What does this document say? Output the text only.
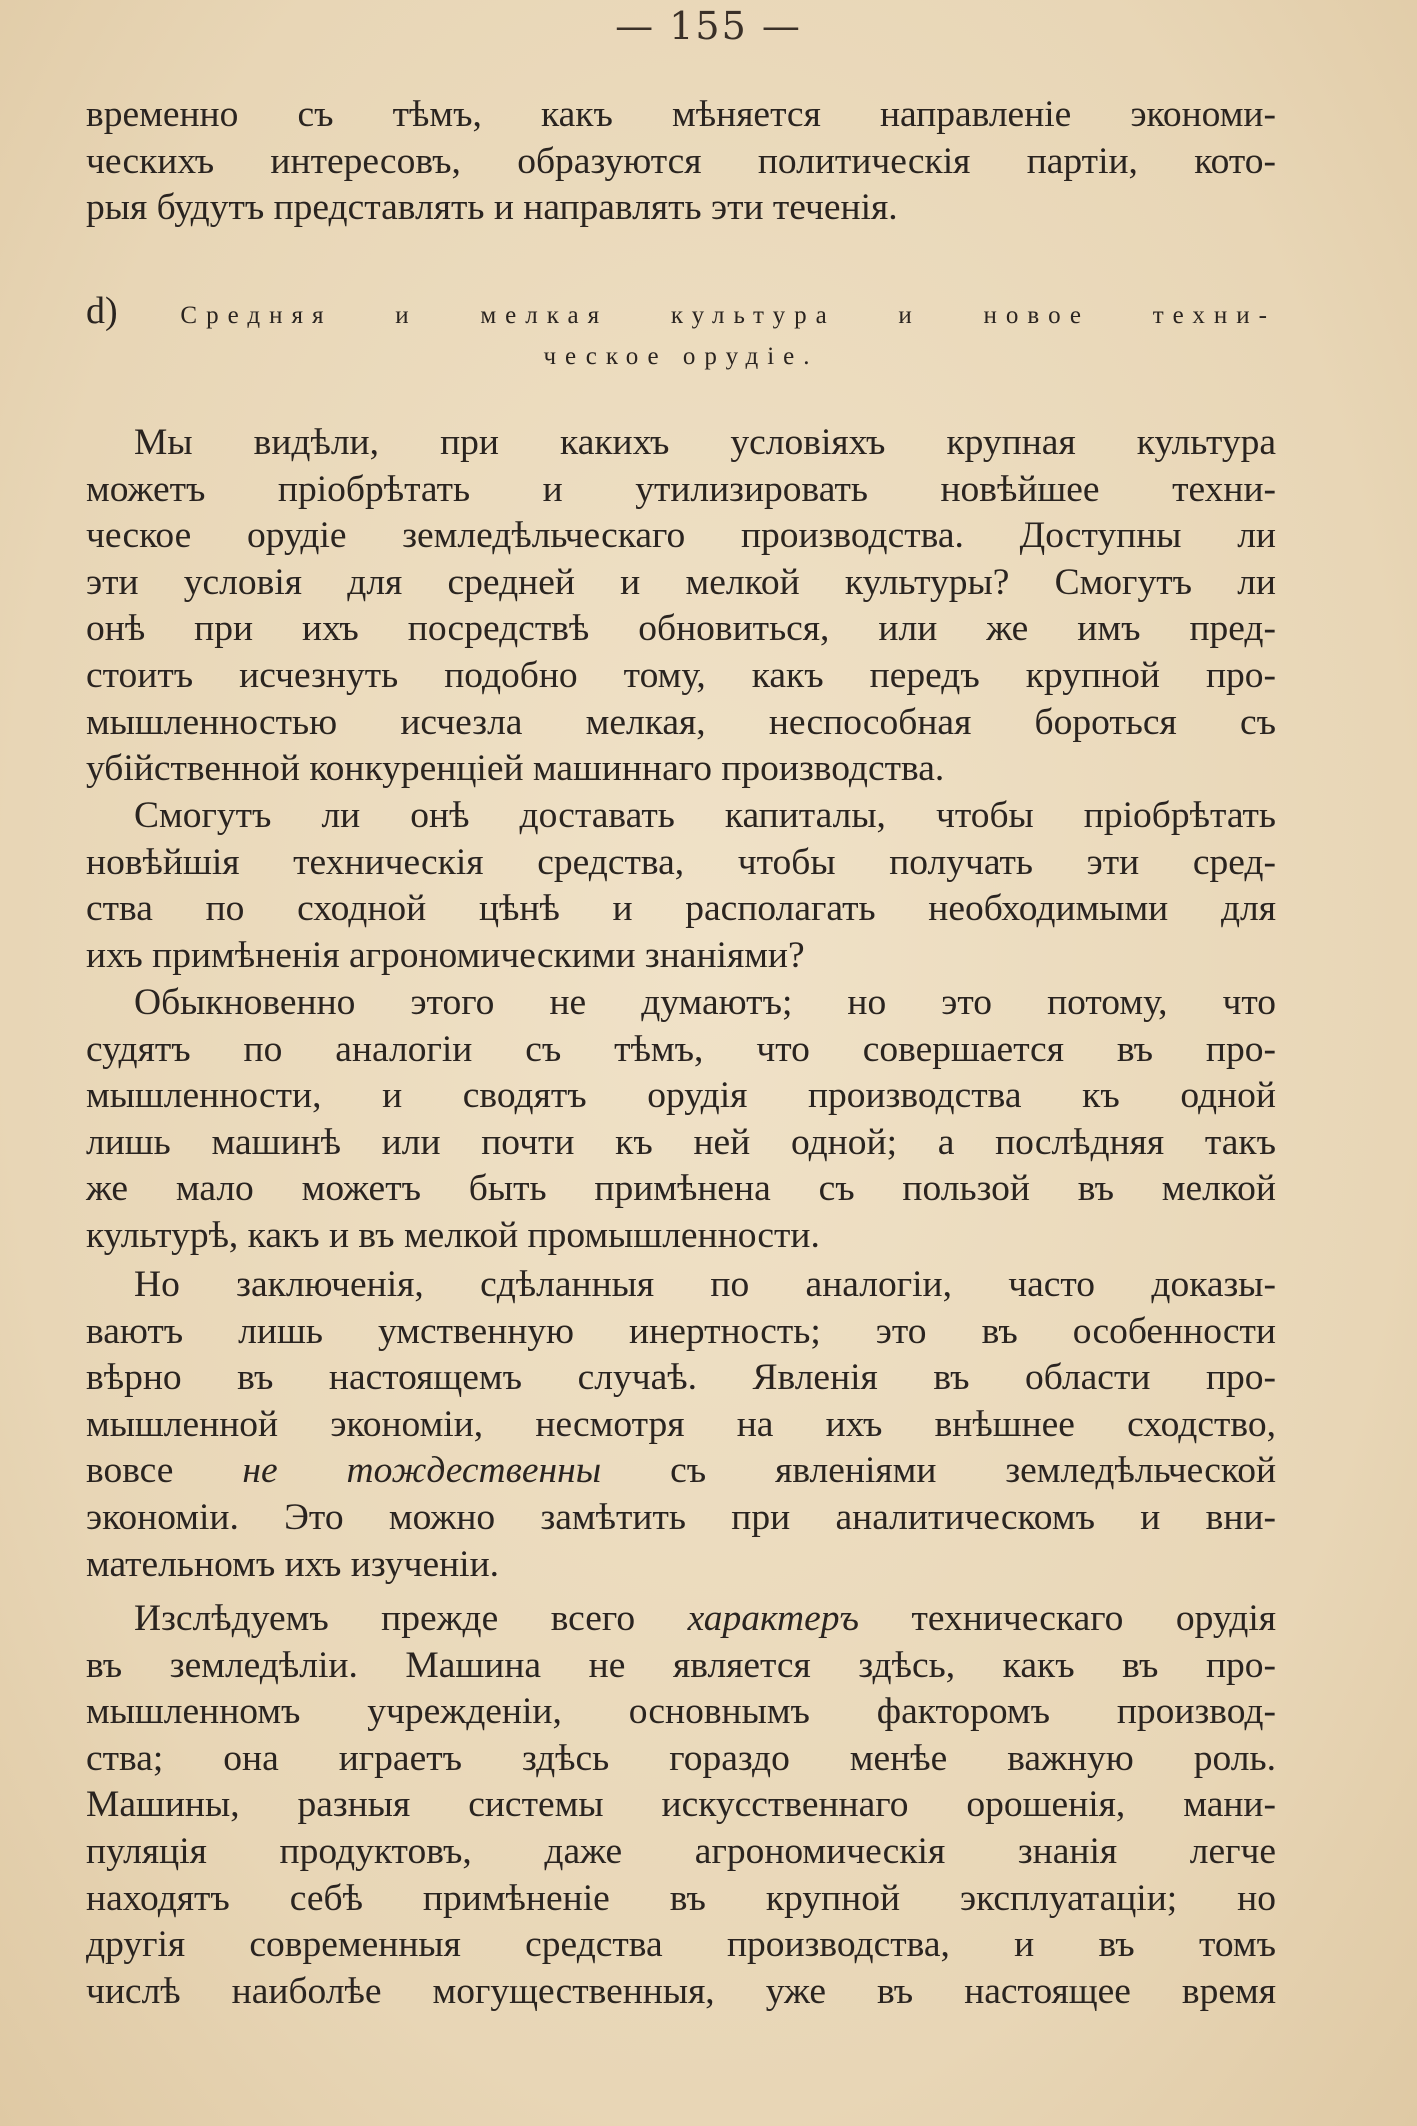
— 155 —
временно съ тѣмъ, какъ мѣняется направленіе экономи-
ческихъ интересовъ, образуются политическія партіи, кото-
рыя будутъ представлять и направлять эти теченія.
d)	Средняя и мелкая культура и новое техни-
ческое орудіе.
Мы видѣли, при какихъ условіяхъ крупная культура
можетъ пріобрѣтать и утилизировать новѣйшее техни-
ческое орудіе земледѣльческаго производства. Доступны ли
эти условія для средней и мелкой культуры? Смогутъ ли
онѣ при ихъ посредствѣ обновиться, или же имъ пред-
стоитъ исчезнуть подобно тому, какъ передъ крупной про-
мышленностью исчезла мелкая, неспособная бороться съ
убійственной конкуренціей машиннаго производства.
Смогутъ ли онѣ доставать капиталы, чтобы пріобрѣтать
новѣйшія техническія средства, чтобы получать эти сред-
ства по сходной цѣнѣ и располагать необходимыми для
ихъ примѣненія агрономическими знаніями?
Обыкновенно этого не думаютъ; но это потому, что
судятъ по аналогіи съ тѣмъ, что совершается въ про-
мышленности, и сводятъ орудія производства къ одной
лишь машинѣ или почти къ ней одной; а послѣдняя такъ
же мало можетъ быть примѣнена съ пользой въ мелкой
культурѣ, какъ и въ мелкой промышленности.
Но заключенія, сдѣланныя по аналогіи, часто доказы-
ваютъ лишь умственную инертность; это въ особенности
вѣрно въ настоящемъ случаѣ. Явленія въ области про-
мышленной экономіи, несмотря на ихъ внѣшнее сходство,
вовсе не тождественны съ явленіями земледѣльческой
экономіи. Это можно замѣтить при аналитическомъ и вни-
мательномъ ихъ изученіи.
Изслѣдуемъ прежде всего характеръ техническаго орудія
въ земледѣліи. Машина не является здѣсь, какъ въ про-
мышленномъ учрежденіи, основнымъ факторомъ производ-
ства; она играетъ здѣсь гораздо менѣе важную роль.
Машины, разныя системы искусственнаго орошенія, мани-
пуляція продуктовъ, даже агрономическія знанія легче
находятъ себѣ примѣненіе въ крупной эксплуатаціи; но
другія современныя средства производства, и въ томъ
числѣ наиболѣе могущественныя, уже въ настоящее время
